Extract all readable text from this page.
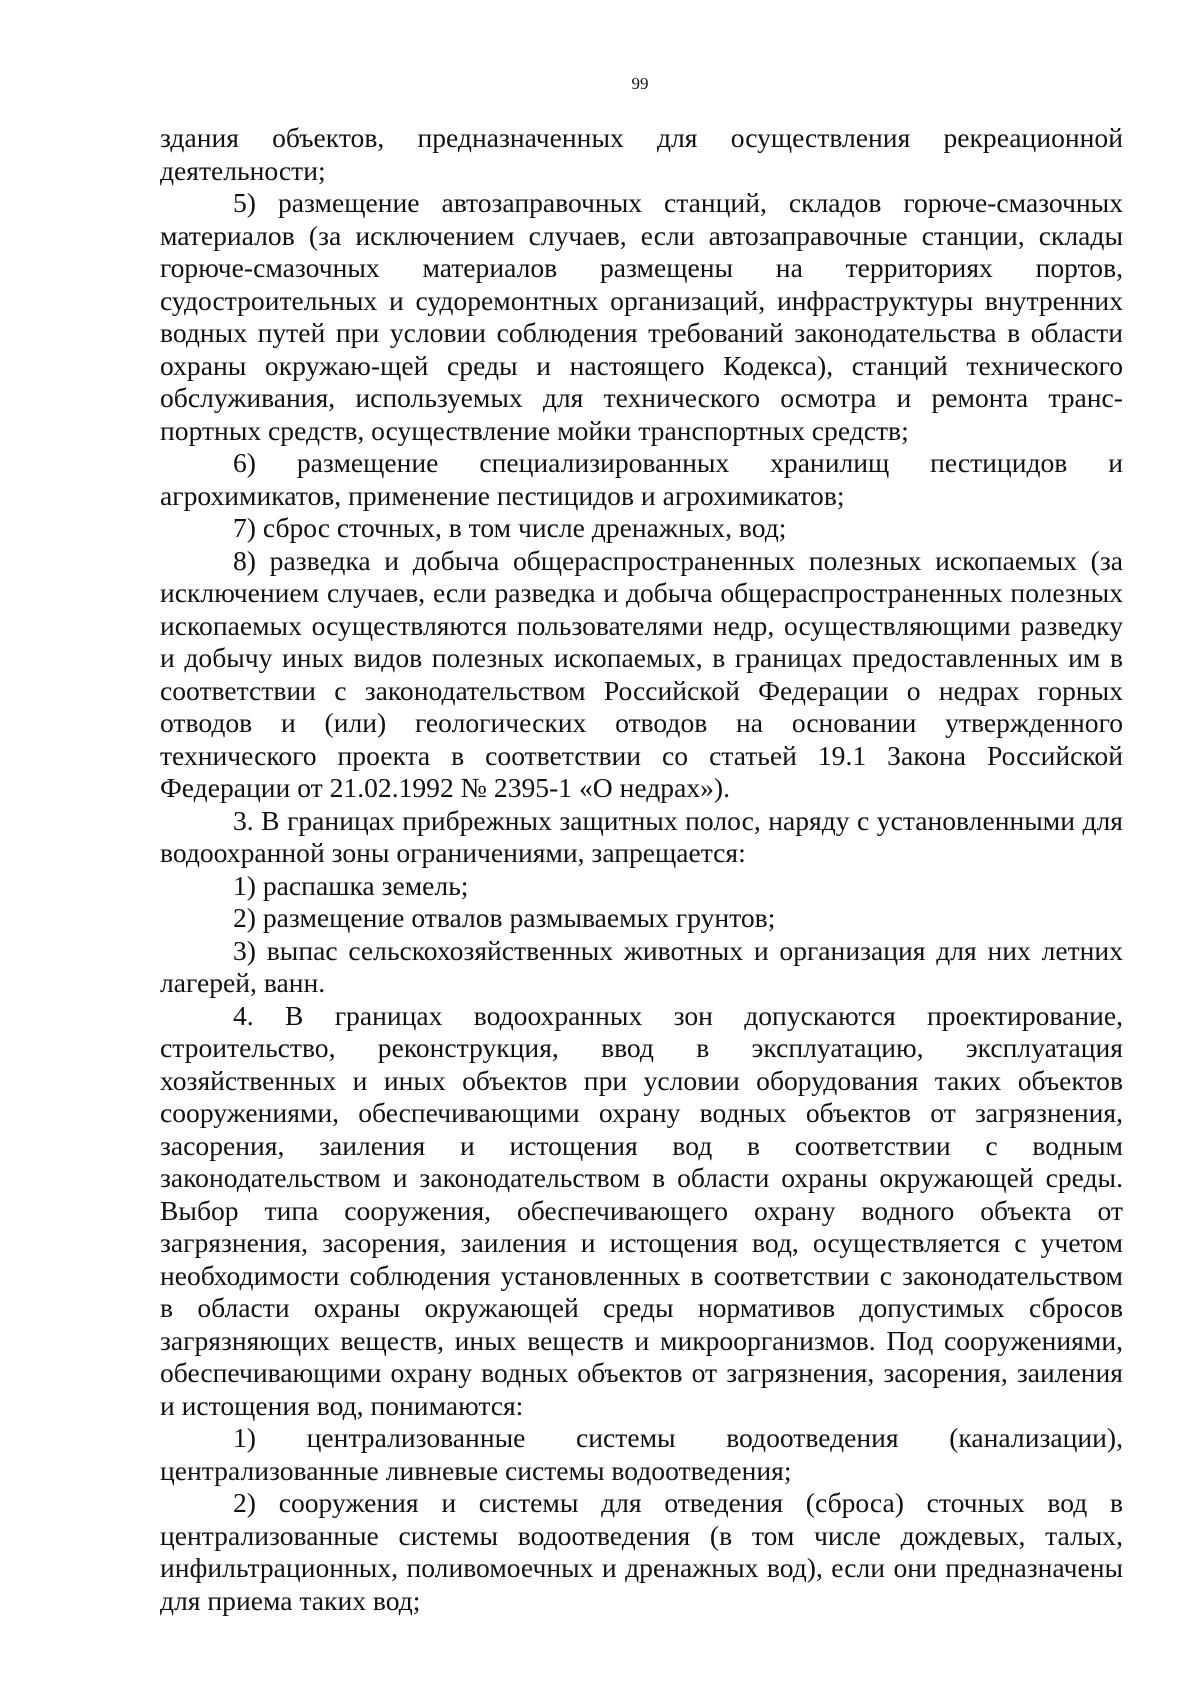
99

здания объектов, предназначенных для осуществления рекреационной деятельности;

5) размещение автозаправочных станций, складов горюче-смазочных материалов (за исключением случаев, если автозаправочные станции, склады горюче-смазочных материалов размещены на территориях портов, судостроительных и судоремонтных организаций, инфраструктуры внутренних водных путей при условии соблюдения требований законодательства в области охраны окружаю-щей среды и настоящего Кодекса), станций технического обслуживания, используемых для технического осмотра и ремонта транс-портных средств, осуществление мойки транспортных средств;

6) размещение специализированных хранилищ пестицидов и агрохимикатов, применение пестицидов и агрохимикатов;

7) сброс сточных, в том числе дренажных, вод;

8) разведка и добыча общераспространенных полезных ископаемых (за исключением случаев, если разведка и добыча общераспространенных полезных ископаемых осуществляются пользователями недр, осуществляющими разведку и добычу иных видов полезных ископаемых, в границах предоставленных им в соответствии с законодательством Российской Федерации о недрах горных отводов и (или) геологических отводов на основании утвержденного технического проекта в соответствии со статьей 19.1 Закона Российской Федерации от 21.02.1992 № 2395-1 «О недрах»).

3. В границах прибрежных защитных полос, наряду с установленными для водоохранной зоны ограничениями, запрещается:

1) распашка земель;

2) размещение отвалов размываемых грунтов;

3) выпас сельскохозяйственных животных и организация для них летних лагерей, ванн.

4. В границах водоохранных зон допускаются проектирование, строительство, реконструкция, ввод в эксплуатацию, эксплуатация хозяйственных и иных объектов при условии оборудования таких объектов сооружениями, обеспечивающими охрану водных объектов от загрязнения, засорения, заиления и истощения вод в соответствии с водным законодательством и законодательством в области охраны окружающей среды. Выбор типа сооружения, обеспечивающего охрану водного объекта от загрязнения, засорения, заиления и истощения вод, осуществляется с учетом необходимости соблюдения установленных в соответствии с законодательством в области охраны окружающей среды нормативов допустимых сбросов загрязняющих веществ, иных веществ и микроорганизмов. Под сооружениями, обеспечивающими охрану водных объектов от загрязнения, засорения, заиления и истощения вод, понимаются:

1) централизованные системы водоотведения (канализации), централизованные ливневые системы водоотведения;

2) сооружения и системы для отведения (сброса) сточных вод в централизованные системы водоотведения (в том числе дождевых, талых, инфильтрационных, поливомоечных и дренажных вод), если они предназначены для приема таких вод;
